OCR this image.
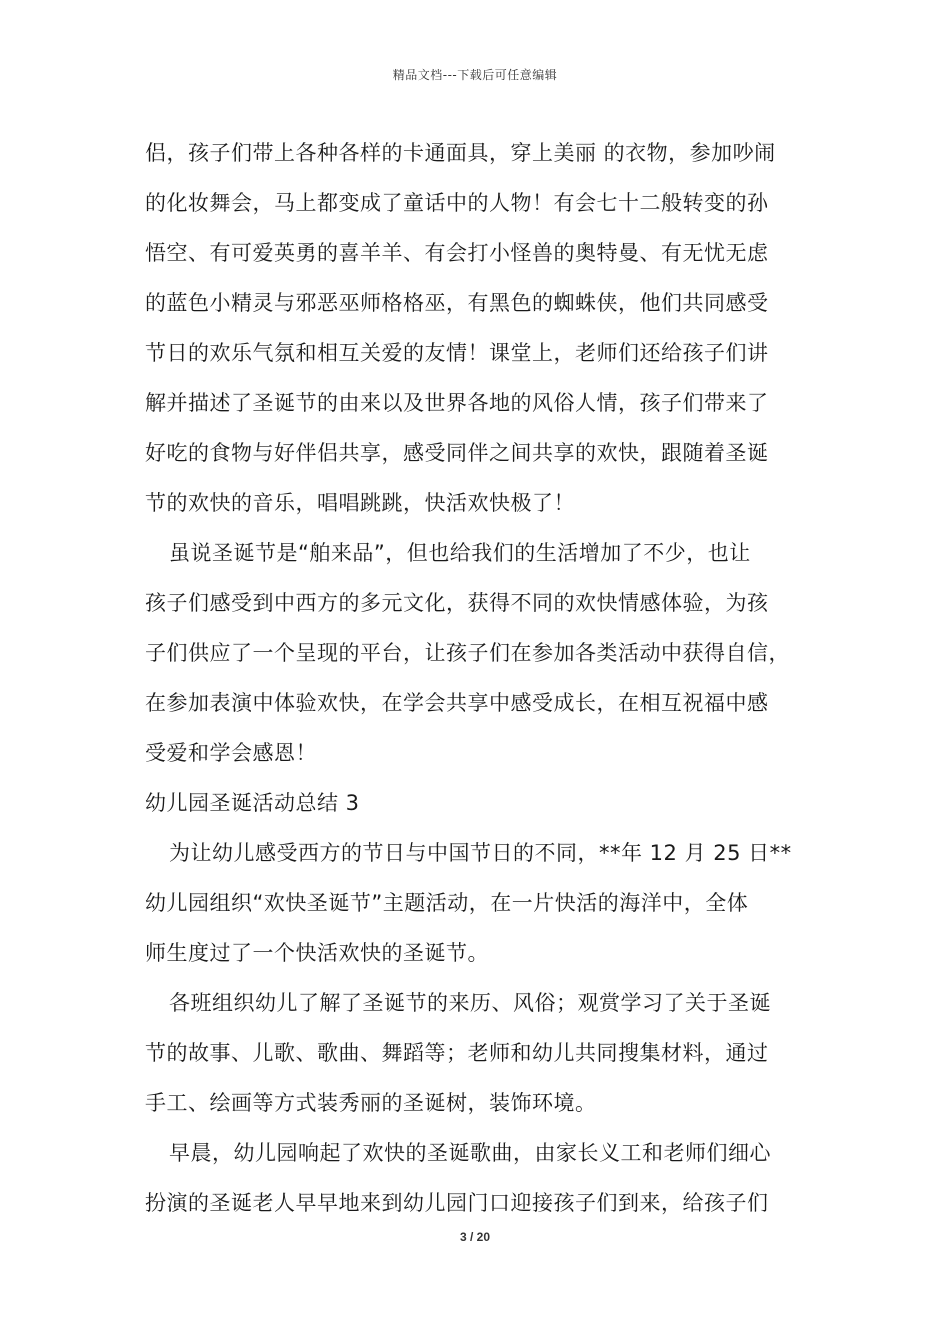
精品文档---下载后可任意编辑
侣，孩子们带上各种各样的卡通面具，穿上美丽 的衣物，参加吵闹
的化妆舞会，马上都变成了童话中的人物！有会七十二般转变的孙
悟空、有可爱英勇的喜羊羊、有会打小怪兽的奥特曼、有无忧无虑
的蓝色小精灵与邪恶巫师格格巫，有黑色的蜘蛛侠，他们共同感受
节日的欢乐气氛和相互关爱的友情！课堂上，老师们还给孩子们讲
解并描述了圣诞节的由来以及世界各地的风俗人情，孩子们带来了
好吃的食物与好伴侣共享，感受同伴之间共享的欢快，跟随着圣诞
节的欢快的音乐，唱唱跳跳，快活欢快极了！
虽说圣诞节是“舶来品”，但也给我们的生活增加了不少，也让
孩子们感受到中西方的多元文化，获得不同的欢快情感体验，为孩
子们供应了一个呈现的平台，让孩子们在参加各类活动中获得自信，
在参加表演中体验欢快，在学会共享中感受成长，在相互祝福中感
受爱和学会感恩！
幼儿园圣诞活动总结 3
为让幼儿感受西方的节日与中国节日的不同，**年 12 月 25 日**
幼儿园组织“欢快圣诞节”主题活动，在一片快活的海洋中，全体
师生度过了一个快活欢快的圣诞节。
各班组织幼儿了解了圣诞节的来历、风俗；观赏学习了关于圣诞
节的故事、儿歌、歌曲、舞蹈等；老师和幼儿共同搜集材料，通过
手工、绘画等方式装秀丽的圣诞树，装饰环境。
早晨，幼儿园响起了欢快的圣诞歌曲，由家长义工和老师们细心
扮演的圣诞老人早早地来到幼儿园门口迎接孩子们到来，给孩子们
3 / 20
